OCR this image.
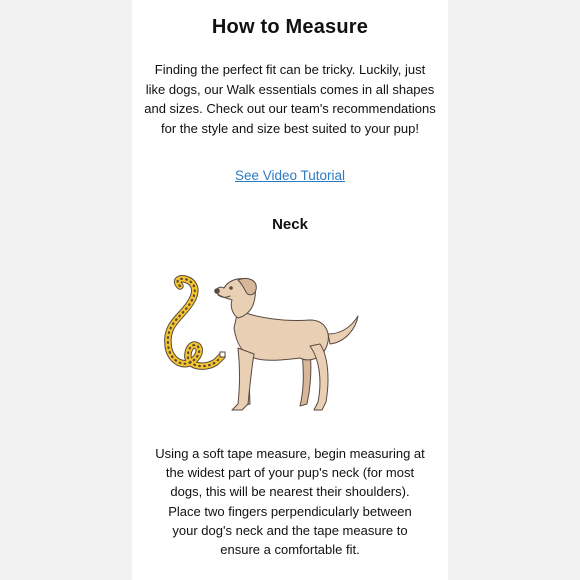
How to Measure
Finding the perfect fit can be tricky. Luckily, just like dogs, our Walk essentials comes in all shapes and sizes. Check out our team's recommendations for the style and size best suited to your pup!
See Video Tutorial
Neck
Using a soft tape measure, begin measuring at the widest part of your pup's neck (for most dogs, this will be nearest their shoulders). Place two fingers perpendicularly between your dog's neck and the tape measure to ensure a comfortable fit.
